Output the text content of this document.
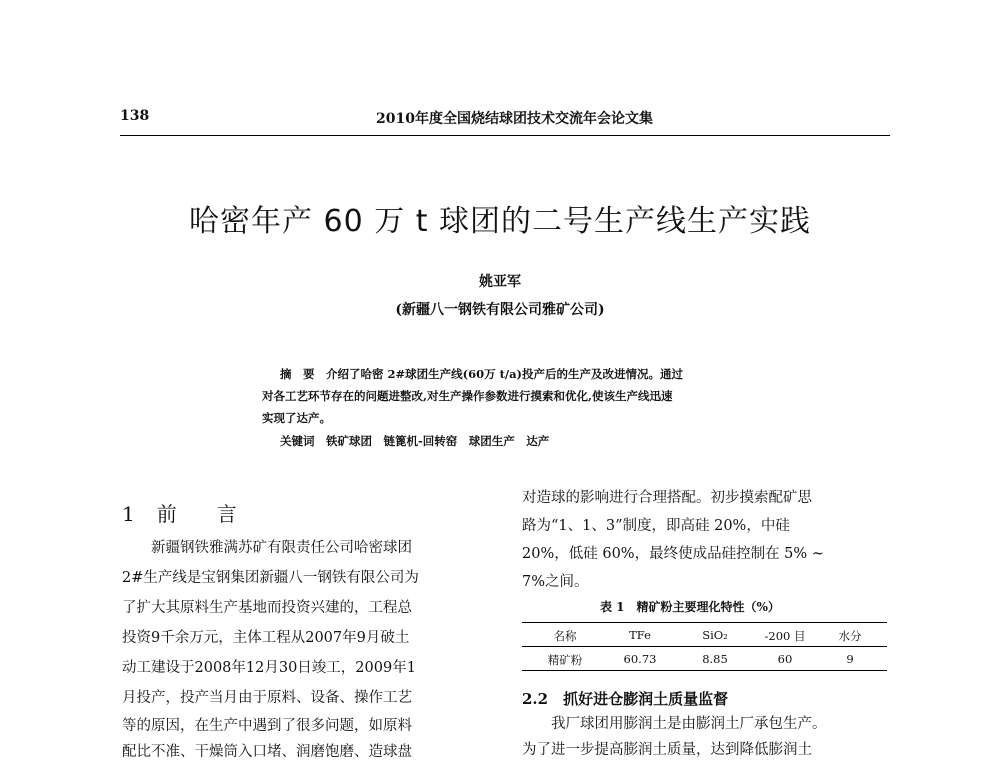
138	2010年度全国烧结球团技术交流年会论文集
哈密年产 60 万 t 球团的二号生产线生产实践
姚亚军
(新疆八一钢铁有限公司雅矿公司)
摘　要　介绍了哈密 2#球团生产线(60万 t/a)投产后的生产及改进情况。通过
对各工艺环节存在的问题进整改,对生产操作参数进行摸索和优化,使该生产线迅速
实现了达产。
关键词　铁矿球团　链篦机-回转窑　球团生产　达产
1 前 言
　　新疆钢铁雅满苏矿有限责任公司哈密球团
2#生产线是宝钢集团新疆八一钢铁有限公司为
了扩大其原料生产基地而投资兴建的，工程总
投资9千余万元，主体工程从2007年9月破土
动工建设于2008年12月30日竣工，2009年1
月投产，投产当月由于原料、设备、操作工艺
等的原因，在生产中遇到了很多问题，如原料
配比不准、干燥筒入口堵、润磨饱磨、造球盘
对造球的影响进行合理搭配。初步摸索配矿思
路为“1、1、3”制度，即高硅 20%，中硅
20%，低硅 60%，最终使成品硅控制在 5% ~
7%之间。
表 1　精矿粉主要理化特性（%）
名称	TFe	SiO₂	-200 目	水分
精矿粉	60.73	8.85	60	9
2.2　抓好进仓膨润土质量监督
　　我厂球团用膨润土是由膨润土厂承包生产。
为了进一步提高膨润土质量，达到降低膨润土
